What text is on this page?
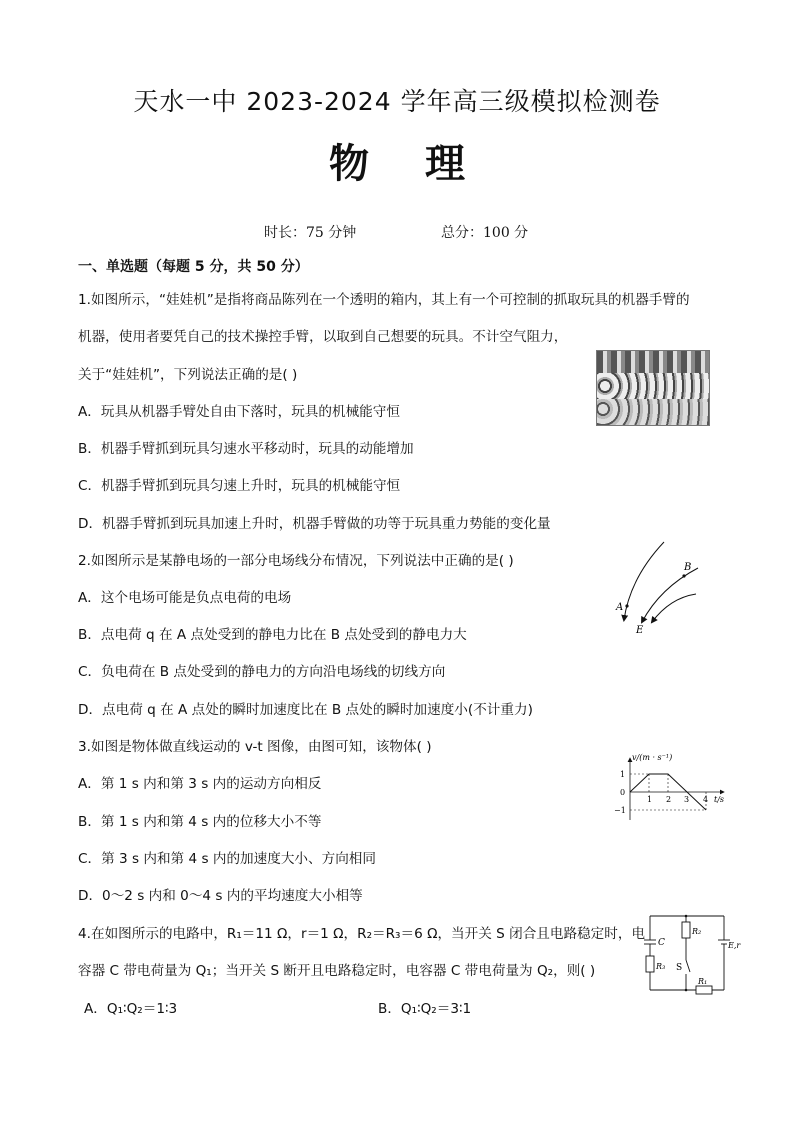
天水一中 2023-2024 学年高三级模拟检测卷
物理
时长：75 分钟	总分：100 分
一、单选题（每题 5 分，共 50 分）
1.如图所示，“娃娃机”是指将商品陈列在一个透明的箱内，其上有一个可控制的抓取玩具的机器手臂的
机器，使用者要凭自己的技术操控手臂，以取到自己想要的玩具。不计空气阻力，
关于“娃娃机”，下列说法正确的是( )
A．玩具从机器手臂处自由下落时，玩具的机械能守恒
B．机器手臂抓到玩具匀速水平移动时，玩具的动能增加
C．机器手臂抓到玩具匀速上升时，玩具的机械能守恒
D．机器手臂抓到玩具加速上升时，机器手臂做的功等于玩具重力势能的变化量
2.如图所示是某静电场的一部分电场线分布情况，下列说法中正确的是( )
A．这个电场可能是负点电荷的电场
B．点电荷 q 在 A 点处受到的静电力比在 B 点处受到的静电力大
C．负电荷在 B 点处受到的静电力的方向沿电场线的切线方向
D．点电荷 q 在 A 点处的瞬时加速度比在 B 点处的瞬时加速度小(不计重力)
A
B
E
3.如图是物体做直线运动的 v-t 图像，由图可知，该物体( )
A．第 1 s 内和第 3 s 内的运动方向相反
B．第 1 s 内和第 4 s 内的位移大小不等
C．第 3 s 内和第 4 s 内的加速度大小、方向相同
D．0～2 s 内和 0～4 s 内的平均速度大小相等
v/(m · s⁻¹)
t/s
1
0
−1
1 2 3 4
4.在如图所示的电路中，R₁＝11 Ω，r＝1 Ω，R₂＝R₃＝6 Ω，当开关 S 闭合且电路稳定时，电
容器 C 带电荷量为 Q₁；当开关 S 断开且电路稳定时，电容器 C 带电荷量为 Q₂，则( )
A．Q₁∶Q₂＝1∶3	B．Q₁∶Q₂＝3∶1
C
R₃
R₂
S
E,r
R₁
